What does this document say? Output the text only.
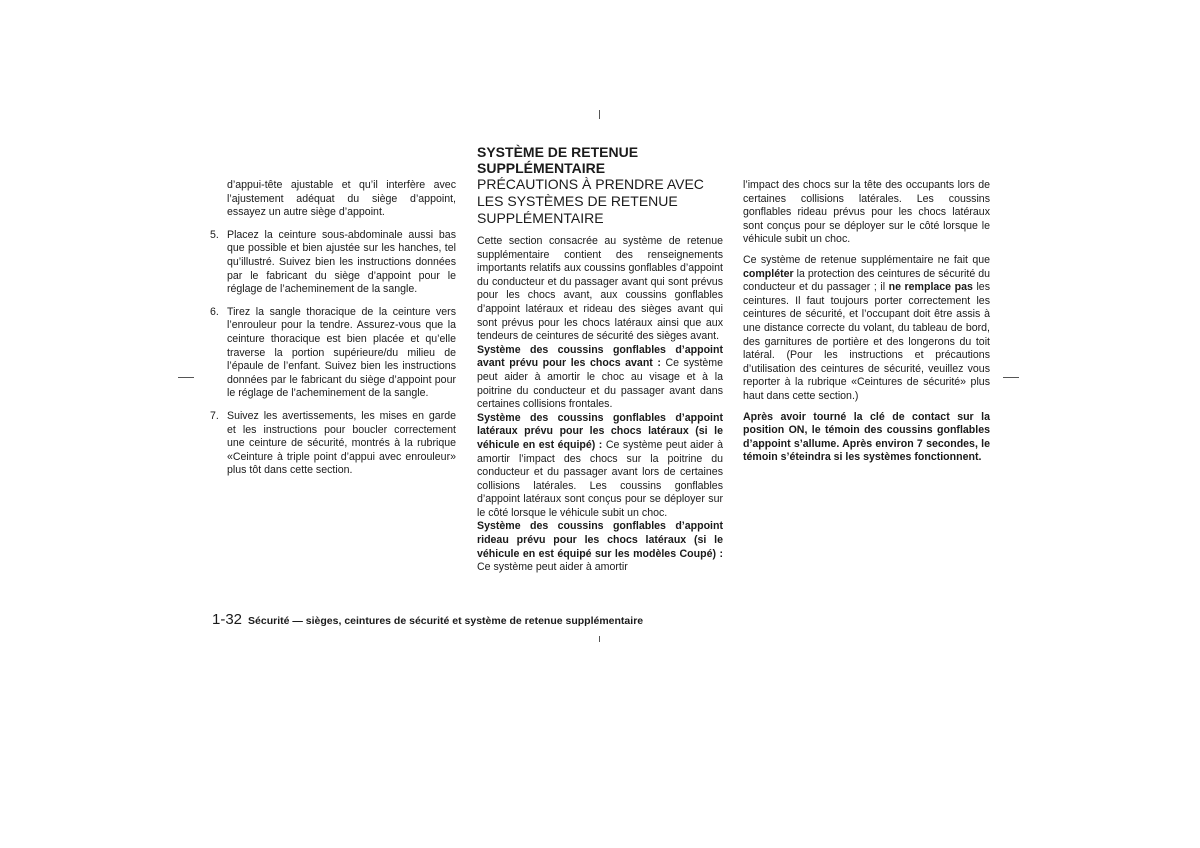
d’appui-tête ajustable et qu’il interfère avec l’ajustement adéquat du siège d’appoint, essayez un autre siège d’appoint.

5. Placez la ceinture sous-abdominale aussi bas que possible et bien ajustée sur les hanches, tel qu’illustré. Suivez bien les instructions données par le fabricant du siège d’appoint pour le réglage de l’acheminement de la sangle.
6. Tirez la sangle thoracique de la ceinture vers l’enrouleur pour la tendre. Assurez-vous que la ceinture thoracique est bien placée et qu’elle traverse la portion supérieure/du milieu de l’épaule de l’enfant. Suivez bien les instructions données par le fabricant du siège d’appoint pour le réglage de l’acheminement de la sangle.
7. Suivez les avertissements, les mises en garde et les instructions pour boucler correctement une ceinture de sécurité, montrés à la rubrique «Ceinture à triple point d’appui avec enrouleur» plus tôt dans cette section.
SYSTÈME DE RETENUE SUPPLÉMENTAIRE
PRÉCAUTIONS À PRENDRE AVEC LES SYSTÈMES DE RETENUE SUPPLÉMENTAIRE

Cette section consacrée au système de retenue supplémentaire contient des renseignements importants relatifs aux coussins gonflables d’appoint du conducteur et du passager avant qui sont prévus pour les chocs avant, aux coussins gonflables d’appoint latéraux et rideau des sièges avant qui sont prévus pour les chocs latéraux ainsi que aux tendeurs de ceintures de sécurité des sièges avant.

Système des coussins gonflables d’appoint avant prévu pour les chocs avant : Ce système peut aider à amortir le choc au visage et à la poitrine du conducteur et du passager avant dans certaines collisions frontales.

Système des coussins gonflables d’appoint latéraux prévu pour les chocs latéraux (si le véhicule en est équipé) : Ce système peut aider à amortir l’impact des chocs sur la poitrine du conducteur et du passager avant lors de certaines collisions latérales. Les coussins gonflables d’appoint latéraux sont conçus pour se déployer sur le côté lorsque le véhicule subit un choc.

Système des coussins gonflables d’appoint rideau prévu pour les chocs latéraux (si le véhicule en est équipé sur les modèles Coupé) : Ce système peut aider à amortir

l’impact des chocs sur la tête des occupants lors de certaines collisions latérales. Les coussins gonflables rideau prévus pour les chocs latéraux sont conçus pour se déployer sur le côté lorsque le véhicule subit un choc.

Ce système de retenue supplémentaire ne fait que compléter la protection des ceintures de sécurité du conducteur et du passager ; il ne remplace pas les ceintures. Il faut toujours porter correctement les ceintures de sécurité, et l’occupant doit être assis à une distance correcte du volant, du tableau de bord, des garnitures de portière et des longerons du toit latéral. (Pour les instructions et précautions d’utilisation des ceintures de sécurité, veuillez vous reporter à la rubrique «Ceintures de sécurité» plus haut dans cette section.)

Après avoir tourné la clé de contact sur la position ON, le témoin des coussins gonflables d’appoint s’allume. Après environ 7 secondes, le témoin s’éteindra si les systèmes fonctionnent.

1-32 Sécurité — sièges, ceintures de sécurité et système de retenue supplémentaire
